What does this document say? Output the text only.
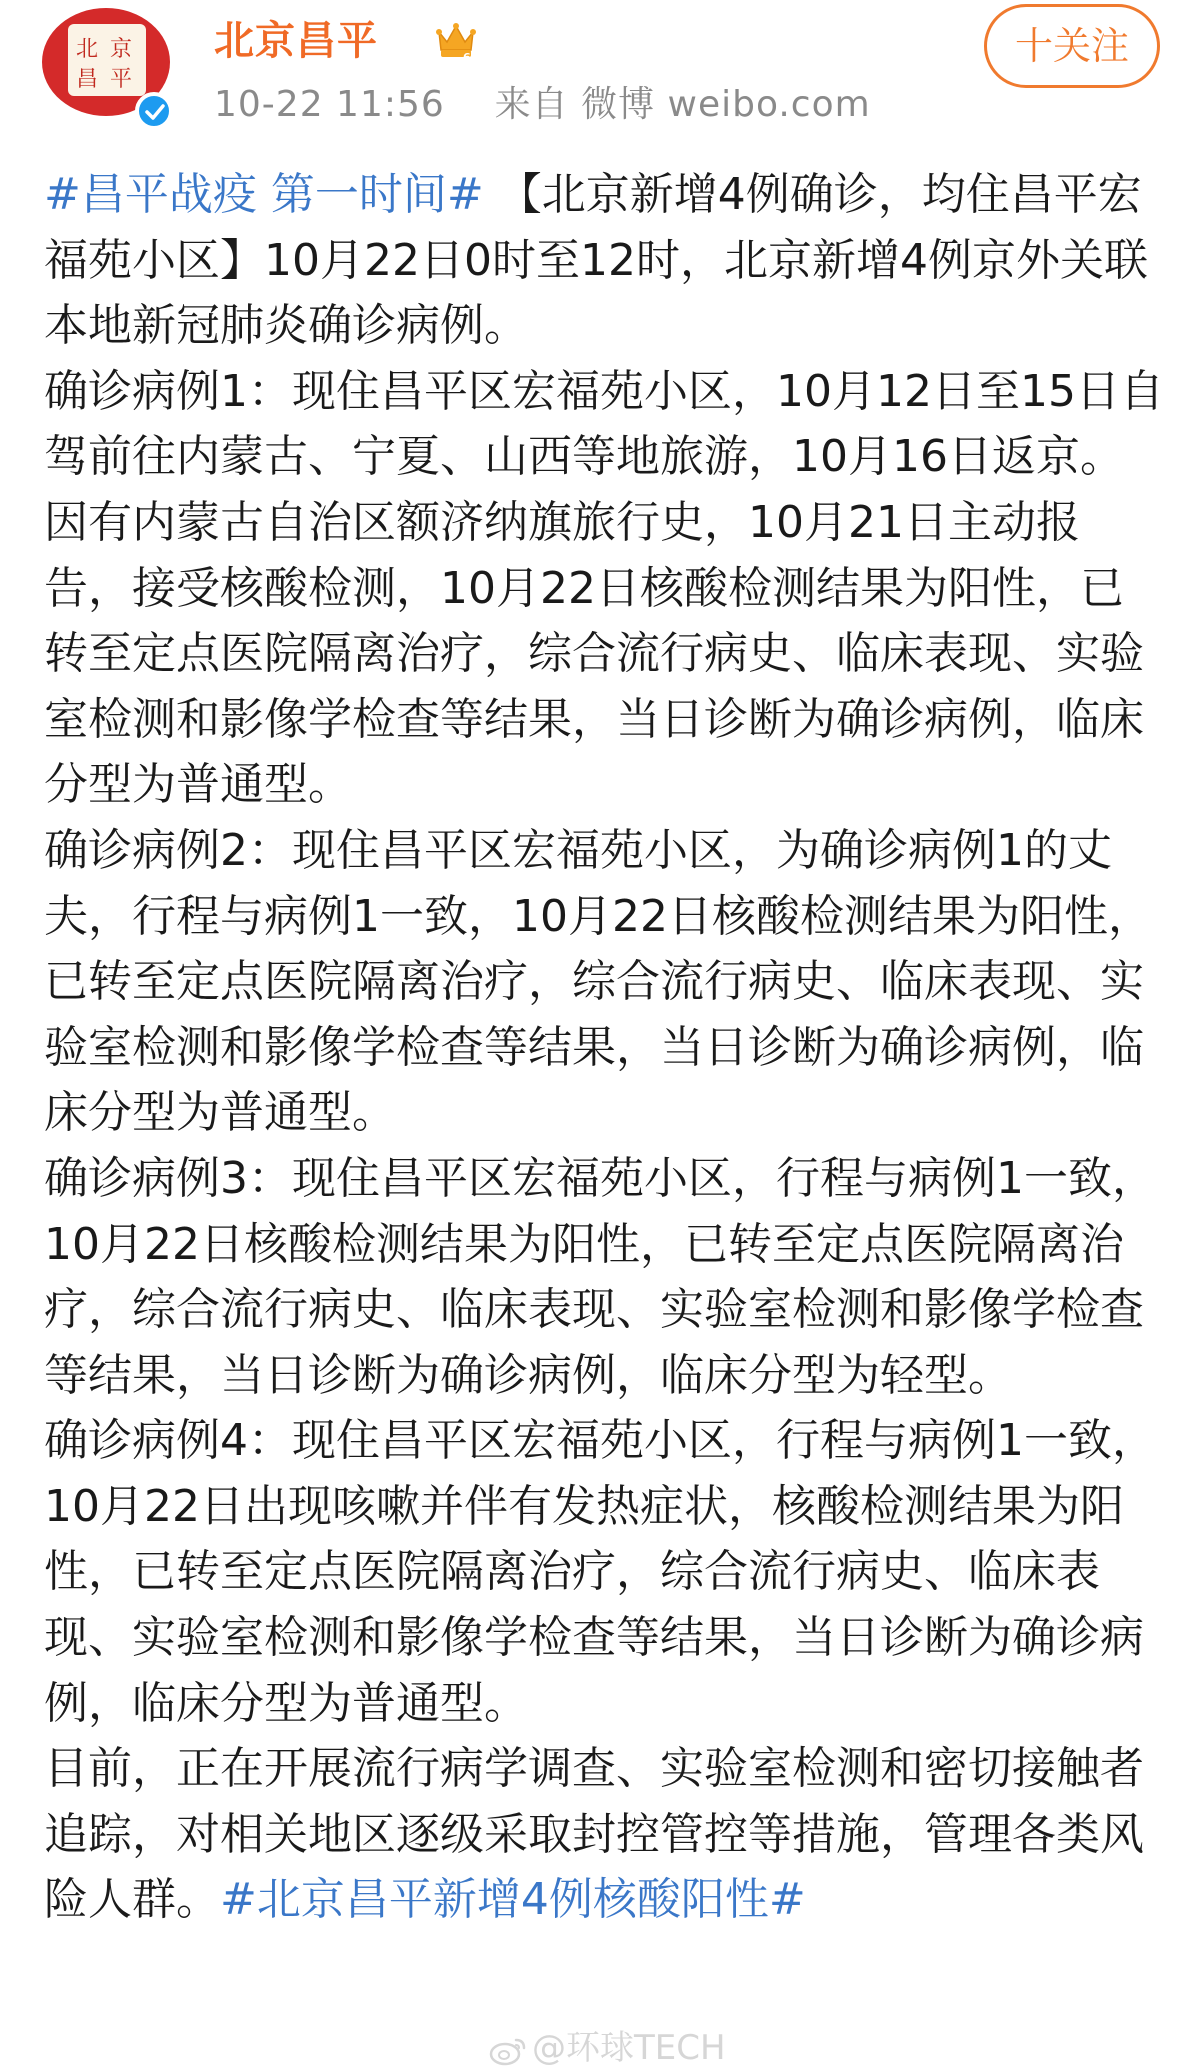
北 京
昌 平
北京昌平	6
10-22 11:56 来自 微博 weibo.com
十关注

#昌平战疫 第一时间# 【北京新增4例确诊，均住昌平宏福苑小区】10月22日0时至12时，北京新增4例京外关联本地新冠肺炎确诊病例。
确诊病例1：现住昌平区宏福苑小区，10月12日至15日自驾前往内蒙古、宁夏、山西等地旅游，10月16日返京。因有内蒙古自治区额济纳旗旅行史，10月21日主动报告，接受核酸检测，10月22日核酸检测结果为阳性，已转至定点医院隔离治疗，综合流行病史、临床表现、实验室检测和影像学检查等结果，当日诊断为确诊病例，临床分型为普通型。
确诊病例2：现住昌平区宏福苑小区，为确诊病例1的丈夫，行程与病例1一致，10月22日核酸检测结果为阳性，已转至定点医院隔离治疗，综合流行病史、临床表现、实验室检测和影像学检查等结果，当日诊断为确诊病例，临床分型为普通型。
确诊病例3：现住昌平区宏福苑小区，行程与病例1一致，10月22日核酸检测结果为阳性，已转至定点医院隔离治疗，综合流行病史、临床表现、实验室检测和影像学检查等结果，当日诊断为确诊病例，临床分型为轻型。
确诊病例4：现住昌平区宏福苑小区，行程与病例1一致，10月22日出现咳嗽并伴有发热症状，核酸检测结果为阳性，已转至定点医院隔离治疗，综合流行病史、临床表现、实验室检测和影像学检查等结果，当日诊断为确诊病例，临床分型为普通型。
目前，正在开展流行病学调查、实验室检测和密切接触者追踪，对相关地区逐级采取封控管控等措施，管理各类风险人群。#北京昌平新增4例核酸阳性#

@环球TECH
